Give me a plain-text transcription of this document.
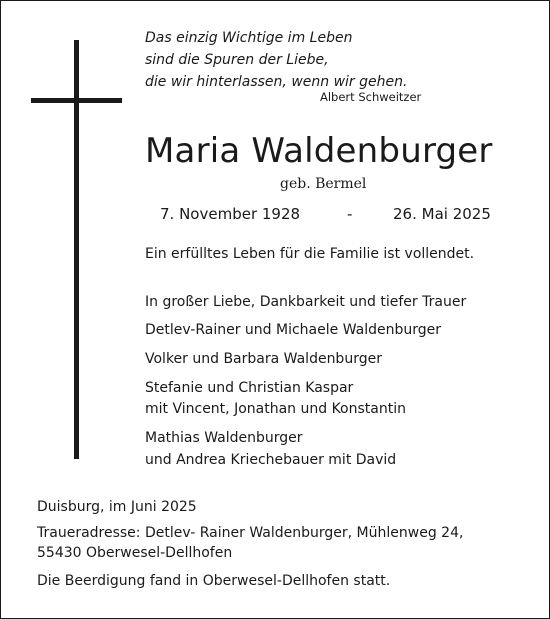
Das einzig Wichtige im Leben
sind die Spuren der Liebe,
die wir hinterlassen, wenn wir gehen.
Albert Schweitzer
Maria Waldenburger
geb. Bermel
7. November 1928	-	26. Mai 2025
Ein erfülltes Leben für die Familie ist vollendet.
In großer Liebe, Dankbarkeit und tiefer Trauer
Detlev-Rainer und Michaele Waldenburger
Volker und Barbara Waldenburger
Stefanie und Christian Kaspar
mit Vincent, Jonathan und Konstantin
Mathias Waldenburger
und Andrea Kriechebauer mit David
Duisburg, im Juni 2025
Traueradresse: Detlev- Rainer Waldenburger, Mühlenweg 24,
55430 Oberwesel-Dellhofen
Die Beerdigung fand in Oberwesel-Dellhofen statt.
